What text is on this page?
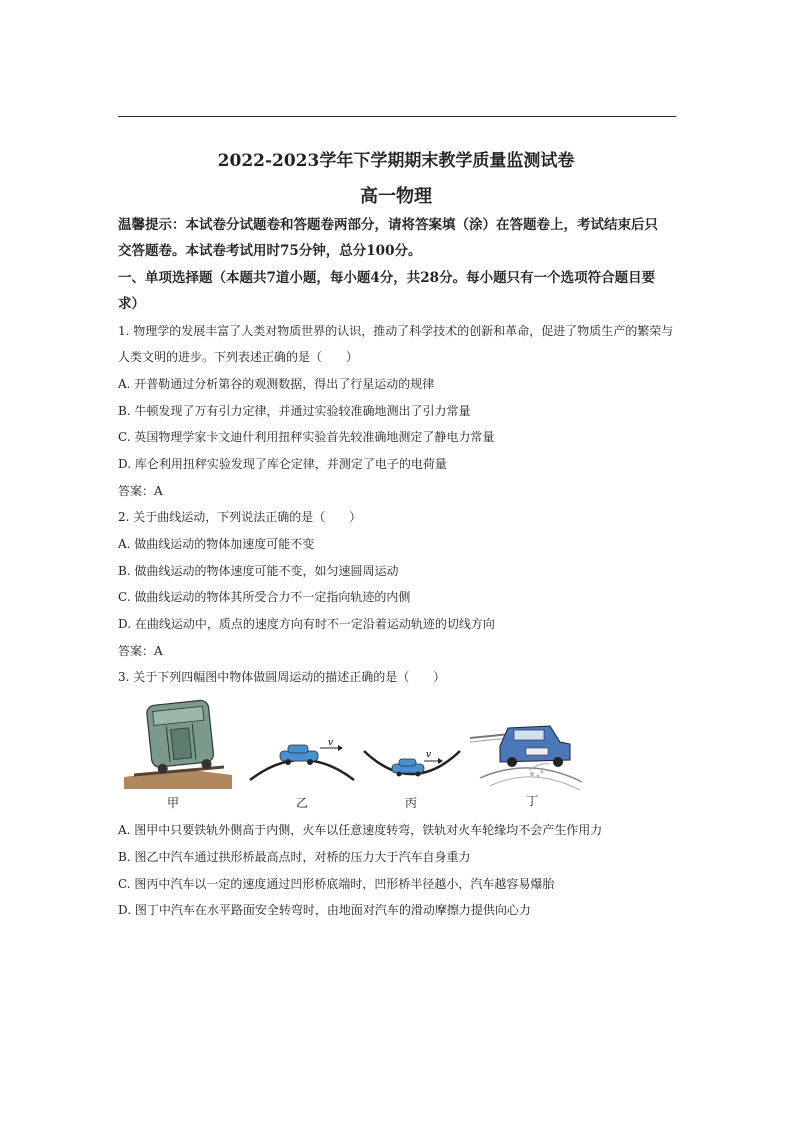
2022-2023学年下学期期末教学质量监测试卷
高一物理
温馨提示：本试卷分试题卷和答题卷两部分，请将答案填（涂）在答题卷上，考试结束后只
交答题卷。本试卷考试用时75分钟，总分100分。
一、单项选择题（本题共7道小题，每小题4分，共28分。每小题只有一个选项符合题目要
求）
1. 物理学的发展丰富了人类对物质世界的认识，推动了科学技术的创新和革命，促进了物质生产的繁荣与
人类文明的进步。下列表述正确的是（　　）
A. 开普勒通过分析第谷的观测数据，得出了行星运动的规律
B. 牛顿发现了万有引力定律，并通过实验较准确地测出了引力常量
C. 英国物理学家卡文迪什利用扭秤实验首先较准确地测定了静电力常量
D. 库仑利用扭秤实验发现了库仑定律，并测定了电子的电荷量
答案：A
2. 关于曲线运动，下列说法正确的是（　　）
A. 做曲线运动的物体加速度可能不变
B. 做曲线运动的物体速度可能不变，如匀速圆周运动
C. 做曲线运动的物体其所受合力不一定指向轨迹的内侧
D. 在曲线运动中，质点的速度方向有时不一定沿着运动轨迹的切线方向
答案：A
3. 关于下列四幅图中物体做圆周运动的描述正确的是（　　）
甲
v
乙
v
丙	丁
A. 图甲中只要铁轨外侧高于内侧，火车以任意速度转弯，铁轨对火车轮缘均不会产生作用力
B. 图乙中汽车通过拱形桥最高点时，对桥的压力大于汽车自身重力
C. 图丙中汽车以一定的速度通过凹形桥底端时，凹形桥半径越小，汽车越容易爆胎
D. 图丁中汽车在水平路面安全转弯时，由地面对汽车的滑动摩擦力提供向心力
